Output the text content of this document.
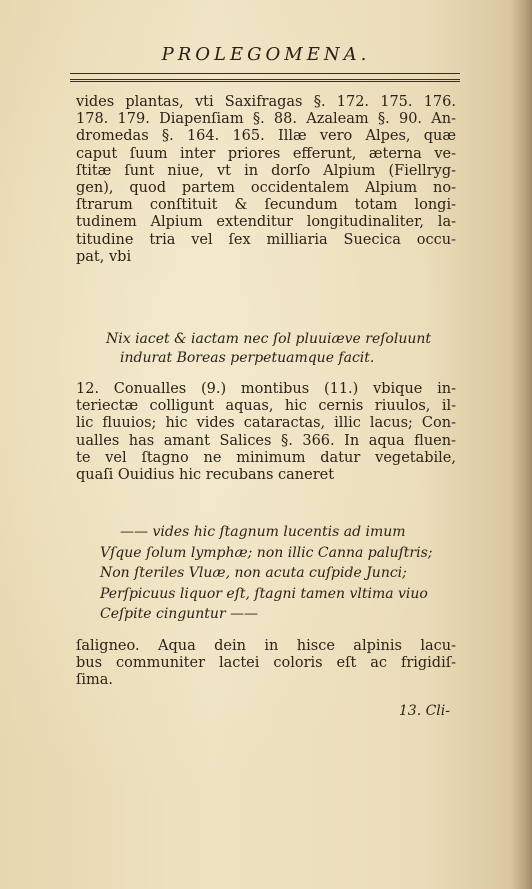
PROLEGOMENA.
vides plantas, vti Saxifragas §. 172. 175. 176.
178. 179. Diapenſiam §. 88. Azaleam §. 90. An-
dromedas §. 164. 165. Illæ vero Alpes, quæ
caput ſuum inter priores efferunt, æterna ve-
ſtitæ ſunt niue, vt in dorſo Alpium (Fiellryg-
gen), quod partem occidentalem Alpium no-
ſtrarum conſtituit & ſecundum totam longi-
tudinem Alpium extenditur longitudinaliter, la-
titudine tria vel ſex milliaria Suecica occu-
pat, vbi
Nix iacet & iactam nec ſol pluuiæve reſoluunt
indurat Boreas perpetuamque facit.
12. Conualles (9.) montibus (11.) vbique in-
teriectæ colligunt aquas, hic cernis riuulos, il-
lic fluuios; hic vides cataractas, illic lacus; Con-
ualles has amant Salices §. 366. In aqua fluen-
te vel ſtagno ne minimum datur vegetabile,
quaſi Ouidius hic recubans caneret
—— vides hic ſtagnum lucentis ad imum
Vſque ſolum lymphæ; non illic Canna paluſtris;
Non ſteriles Vluæ, non acuta cuſpide Junci;
Perſpicuus liquor eſt, ſtagni tamen vltima viuo
Ceſpite cinguntur ——
ſaligneo. Aqua dein in hisce alpinis lacu-
bus communiter lactei coloris eſt ac frigidiſ-
ſima.
13. Cli-
